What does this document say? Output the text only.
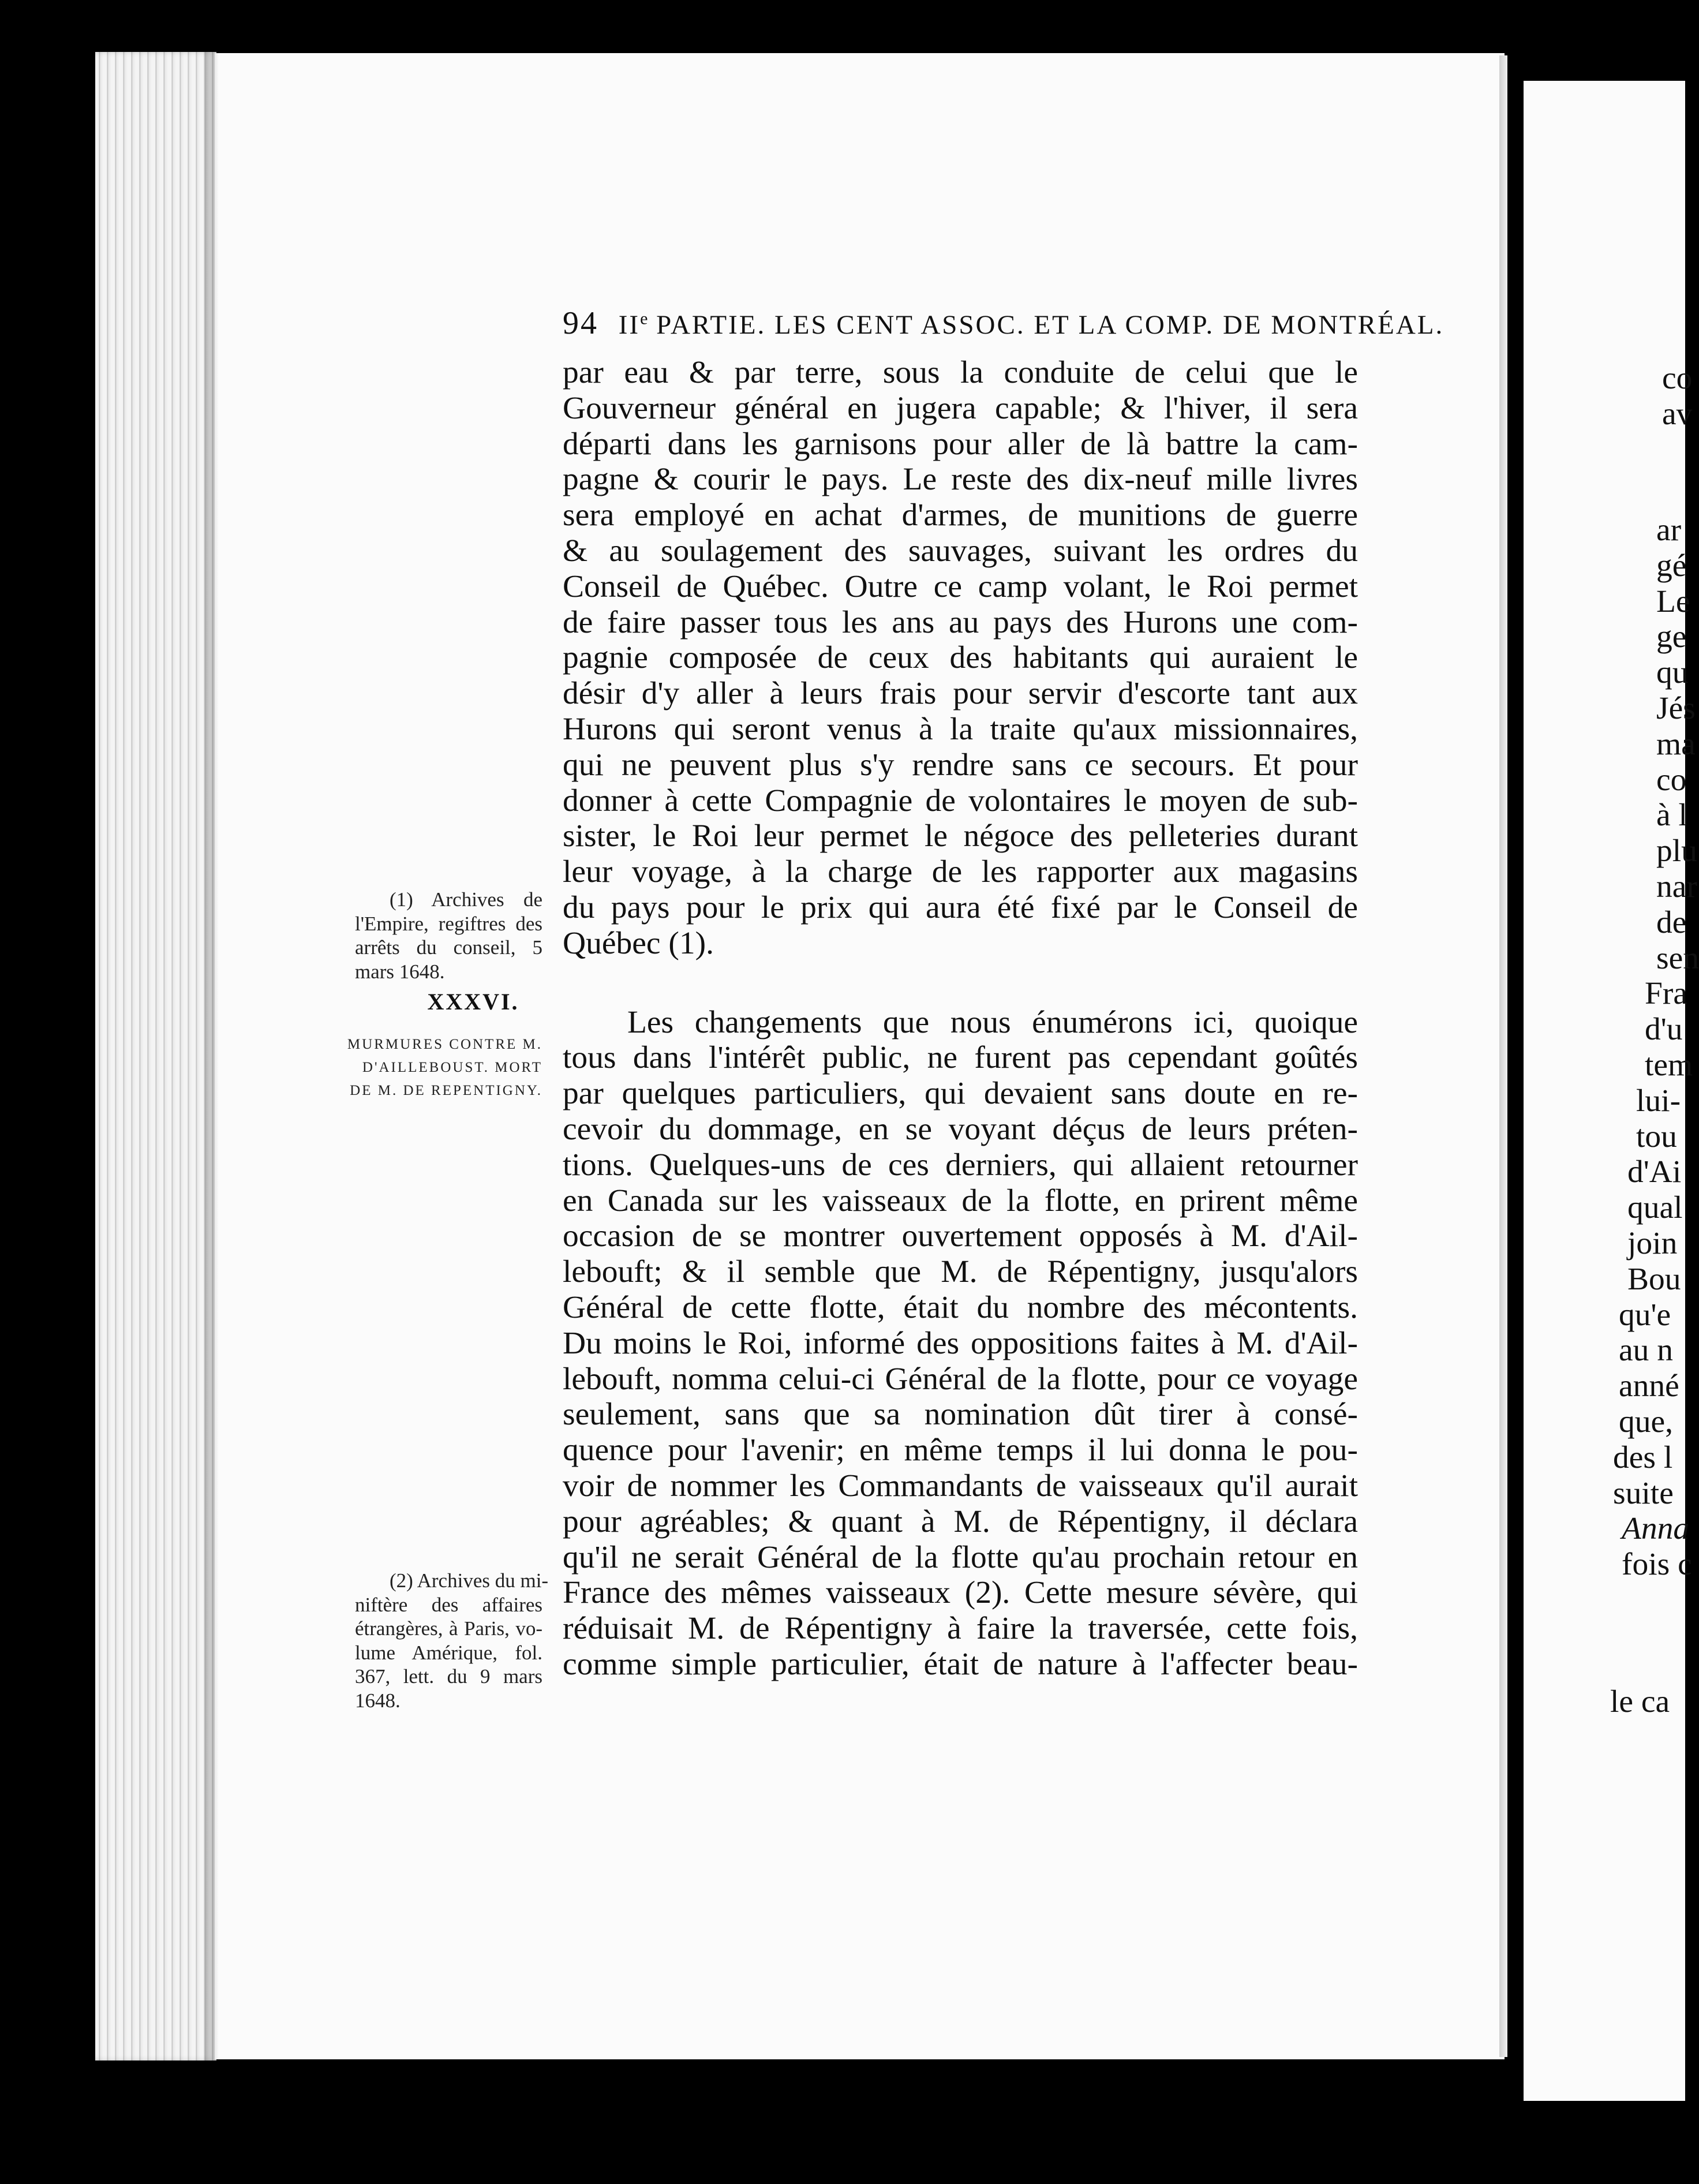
94 IIe PARTIE. LES CENT ASSOC. ET LA COMP. DE MONTRÉAL.
par eau & par terre, sous la conduite de celui que le
Gouverneur général en jugera capable; & l'hiver, il sera
départi dans les garnisons pour aller de là battre la cam-
pagne & courir le pays. Le reste des dix-neuf mille livres
sera employé en achat d'armes, de munitions de guerre
& au soulagement des sauvages, suivant les ordres du
Conseil de Québec. Outre ce camp volant, le Roi permet
de faire passer tous les ans au pays des Hurons une com-
pagnie composée de ceux des habitants qui auraient le
désir d'y aller à leurs frais pour servir d'escorte tant aux
Hurons qui seront venus à la traite qu'aux missionnaires,
qui ne peuvent plus s'y rendre sans ce secours. Et pour
donner à cette Compagnie de volontaires le moyen de sub-
sister, le Roi leur permet le négoce des pelleteries durant
leur voyage, à la charge de les rapporter aux magasins
du pays pour le prix qui aura été fixé par le Conseil de
Québec (1).
Les changements que nous énumérons ici, quoique
tous dans l'intérêt public, ne furent pas cependant goûtés
par quelques particuliers, qui devaient sans doute en re-
cevoir du dommage, en se voyant déçus de leurs préten-
tions. Quelques-uns de ces derniers, qui allaient retourner
en Canada sur les vaisseaux de la flotte, en prirent même
occasion de se montrer ouvertement opposés à M. d'Ail-
lebouft; & il semble que M. de Répentigny, jusqu'alors
Général de cette flotte, était du nombre des mécontents.
Du moins le Roi, informé des oppositions faites à M. d'Ail-
lebouft, nomma celui-ci Général de la flotte, pour ce voyage
seulement, sans que sa nomination dût tirer à consé-
quence pour l'avenir; en même temps il lui donna le pou-
voir de nommer les Commandants de vaisseaux qu'il aurait
pour agréables; & quant à M. de Répentigny, il déclara
qu'il ne serait Général de la flotte qu'au prochain retour en
France des mêmes vaisseaux (2). Cette mesure sévère, qui
réduisait M. de Répentigny à faire la traversée, cette fois,
comme simple particulier, était de nature à l'affecter beau-
(1) Archives de
l'Empire, regiftres des
arrêts du conseil, 5
mars 1648.
XXXVI.
MURMURES CONTRE M.
D'AILLEBOUST. MORT
DE M. DE REPENTIGNY.
(2) Archives du mi-
niftère des affaires
étrangères, à Paris, vo-
lume Amérique, fol.
367, lett. du 9 mars
1648.
co
av
ar
gé
Le
ge
qu
Jés
ma
co
à l
plu
nar
de
sen
Fra
d'u
tem
lui-
tou
d'Ai
qual
join
Bou
qu'e
au n
anné
que,
des l
suite
Anna
fois c
le ca
